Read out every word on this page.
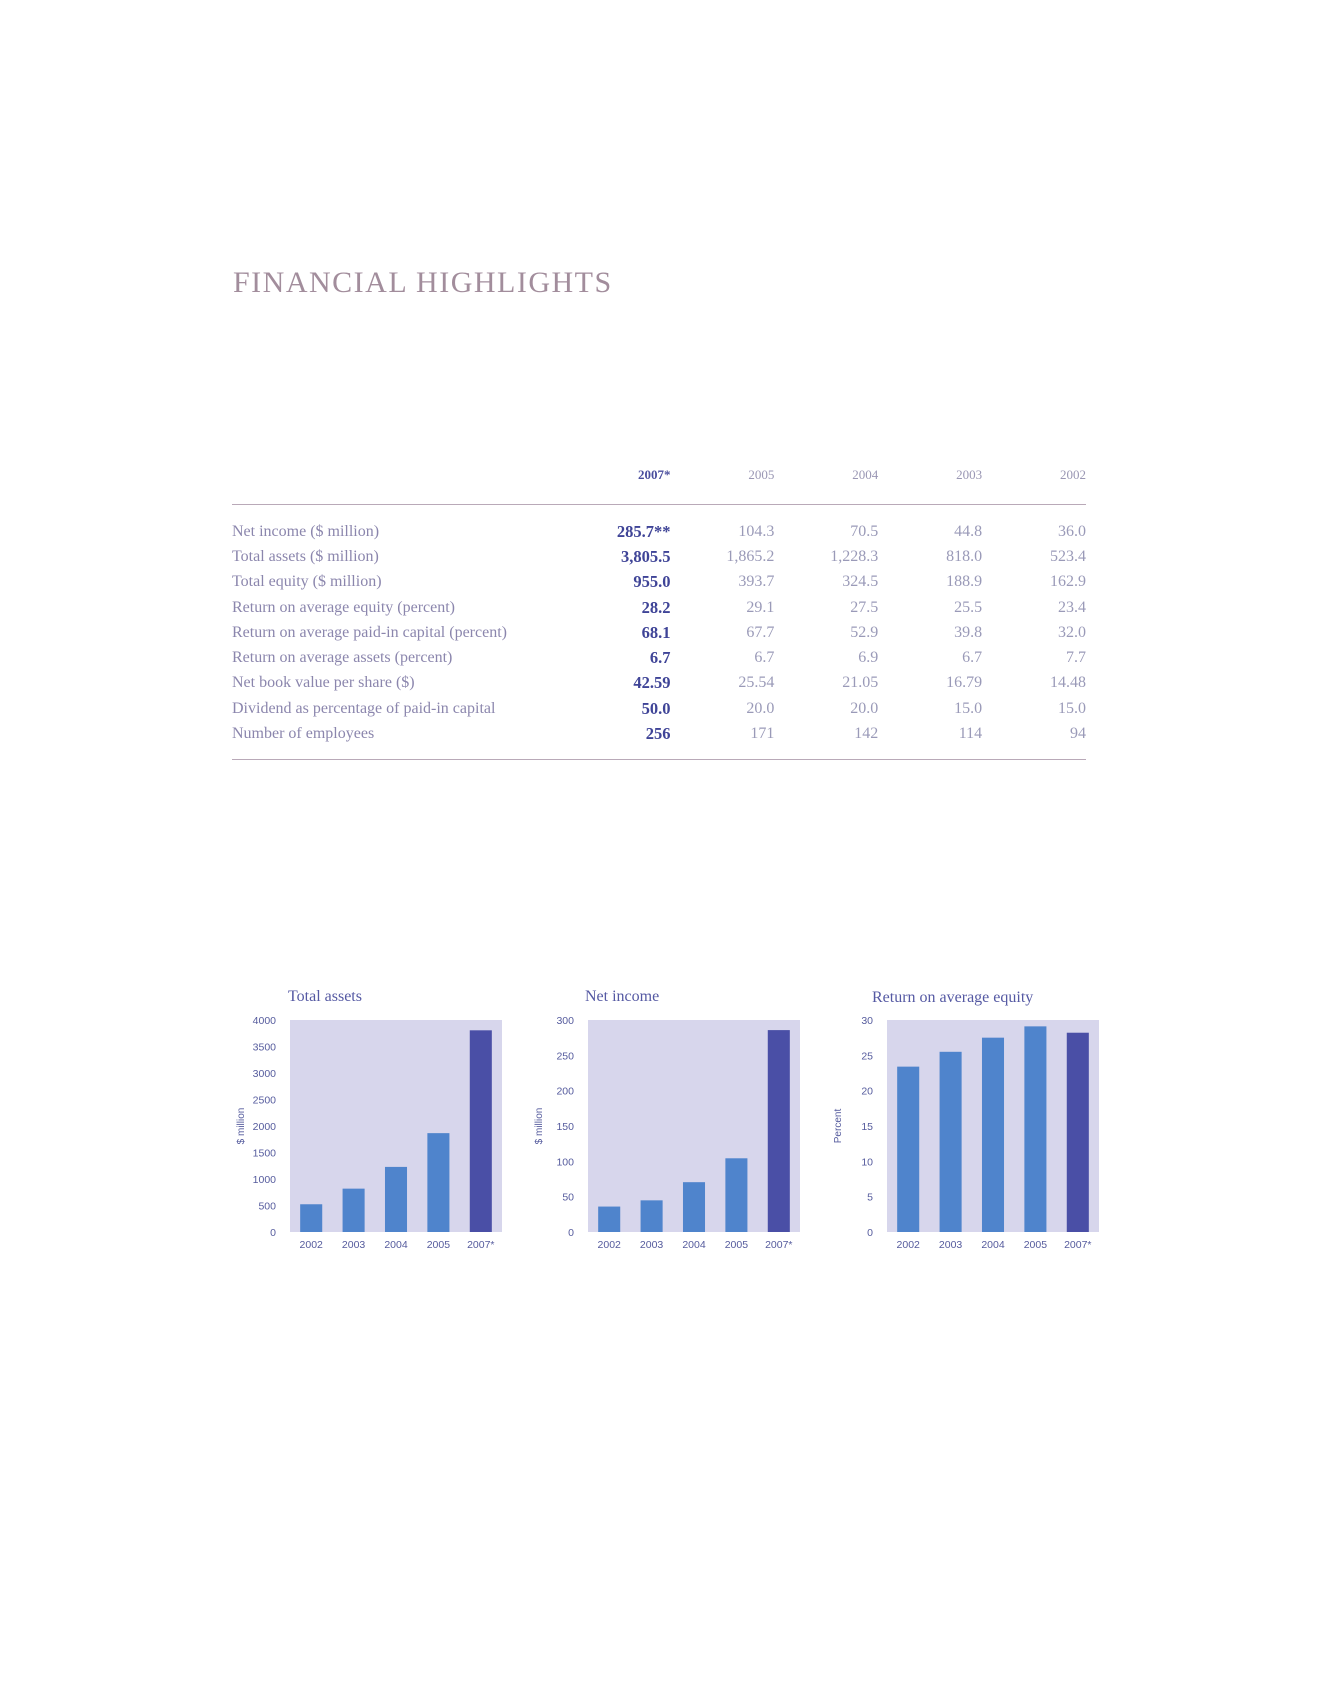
FINANCIAL HIGHLIGHTS
2007*	2005	2004	2003	2002
Net income ($ million)	285.7**	104.3	70.5	44.8	36.0
Total assets ($ million)	3,805.5	1,865.2	1,228.3	818.0	523.4
Total equity ($ million)	955.0	393.7	324.5	188.9	162.9
Return on average equity (percent)	28.2	29.1	27.5	25.5	23.4
Return on average paid-in capital (percent)	68.1	67.7	52.9	39.8	32.0
Return on average assets (percent)	6.7	6.7	6.9	6.7	7.7
Net book value per share ($)	42.59	25.54	21.05	16.79	14.48
Dividend as percentage of paid-in capital	50.0	20.0	20.0	15.0	15.0
Number of employees	256	171	142	114	94
Total assets
0
500
1000
1500
2000
2500
3000
3500
4000
$ million
2002 2003 2004 2005 2007*
Net income
0
50
100
150
200
250
300
$ million
2002 2003 2004 2005 2007*
Return on average equity
0
5
10
15
20
25
30
Percent
2002 2003 2004 2005 2007*
